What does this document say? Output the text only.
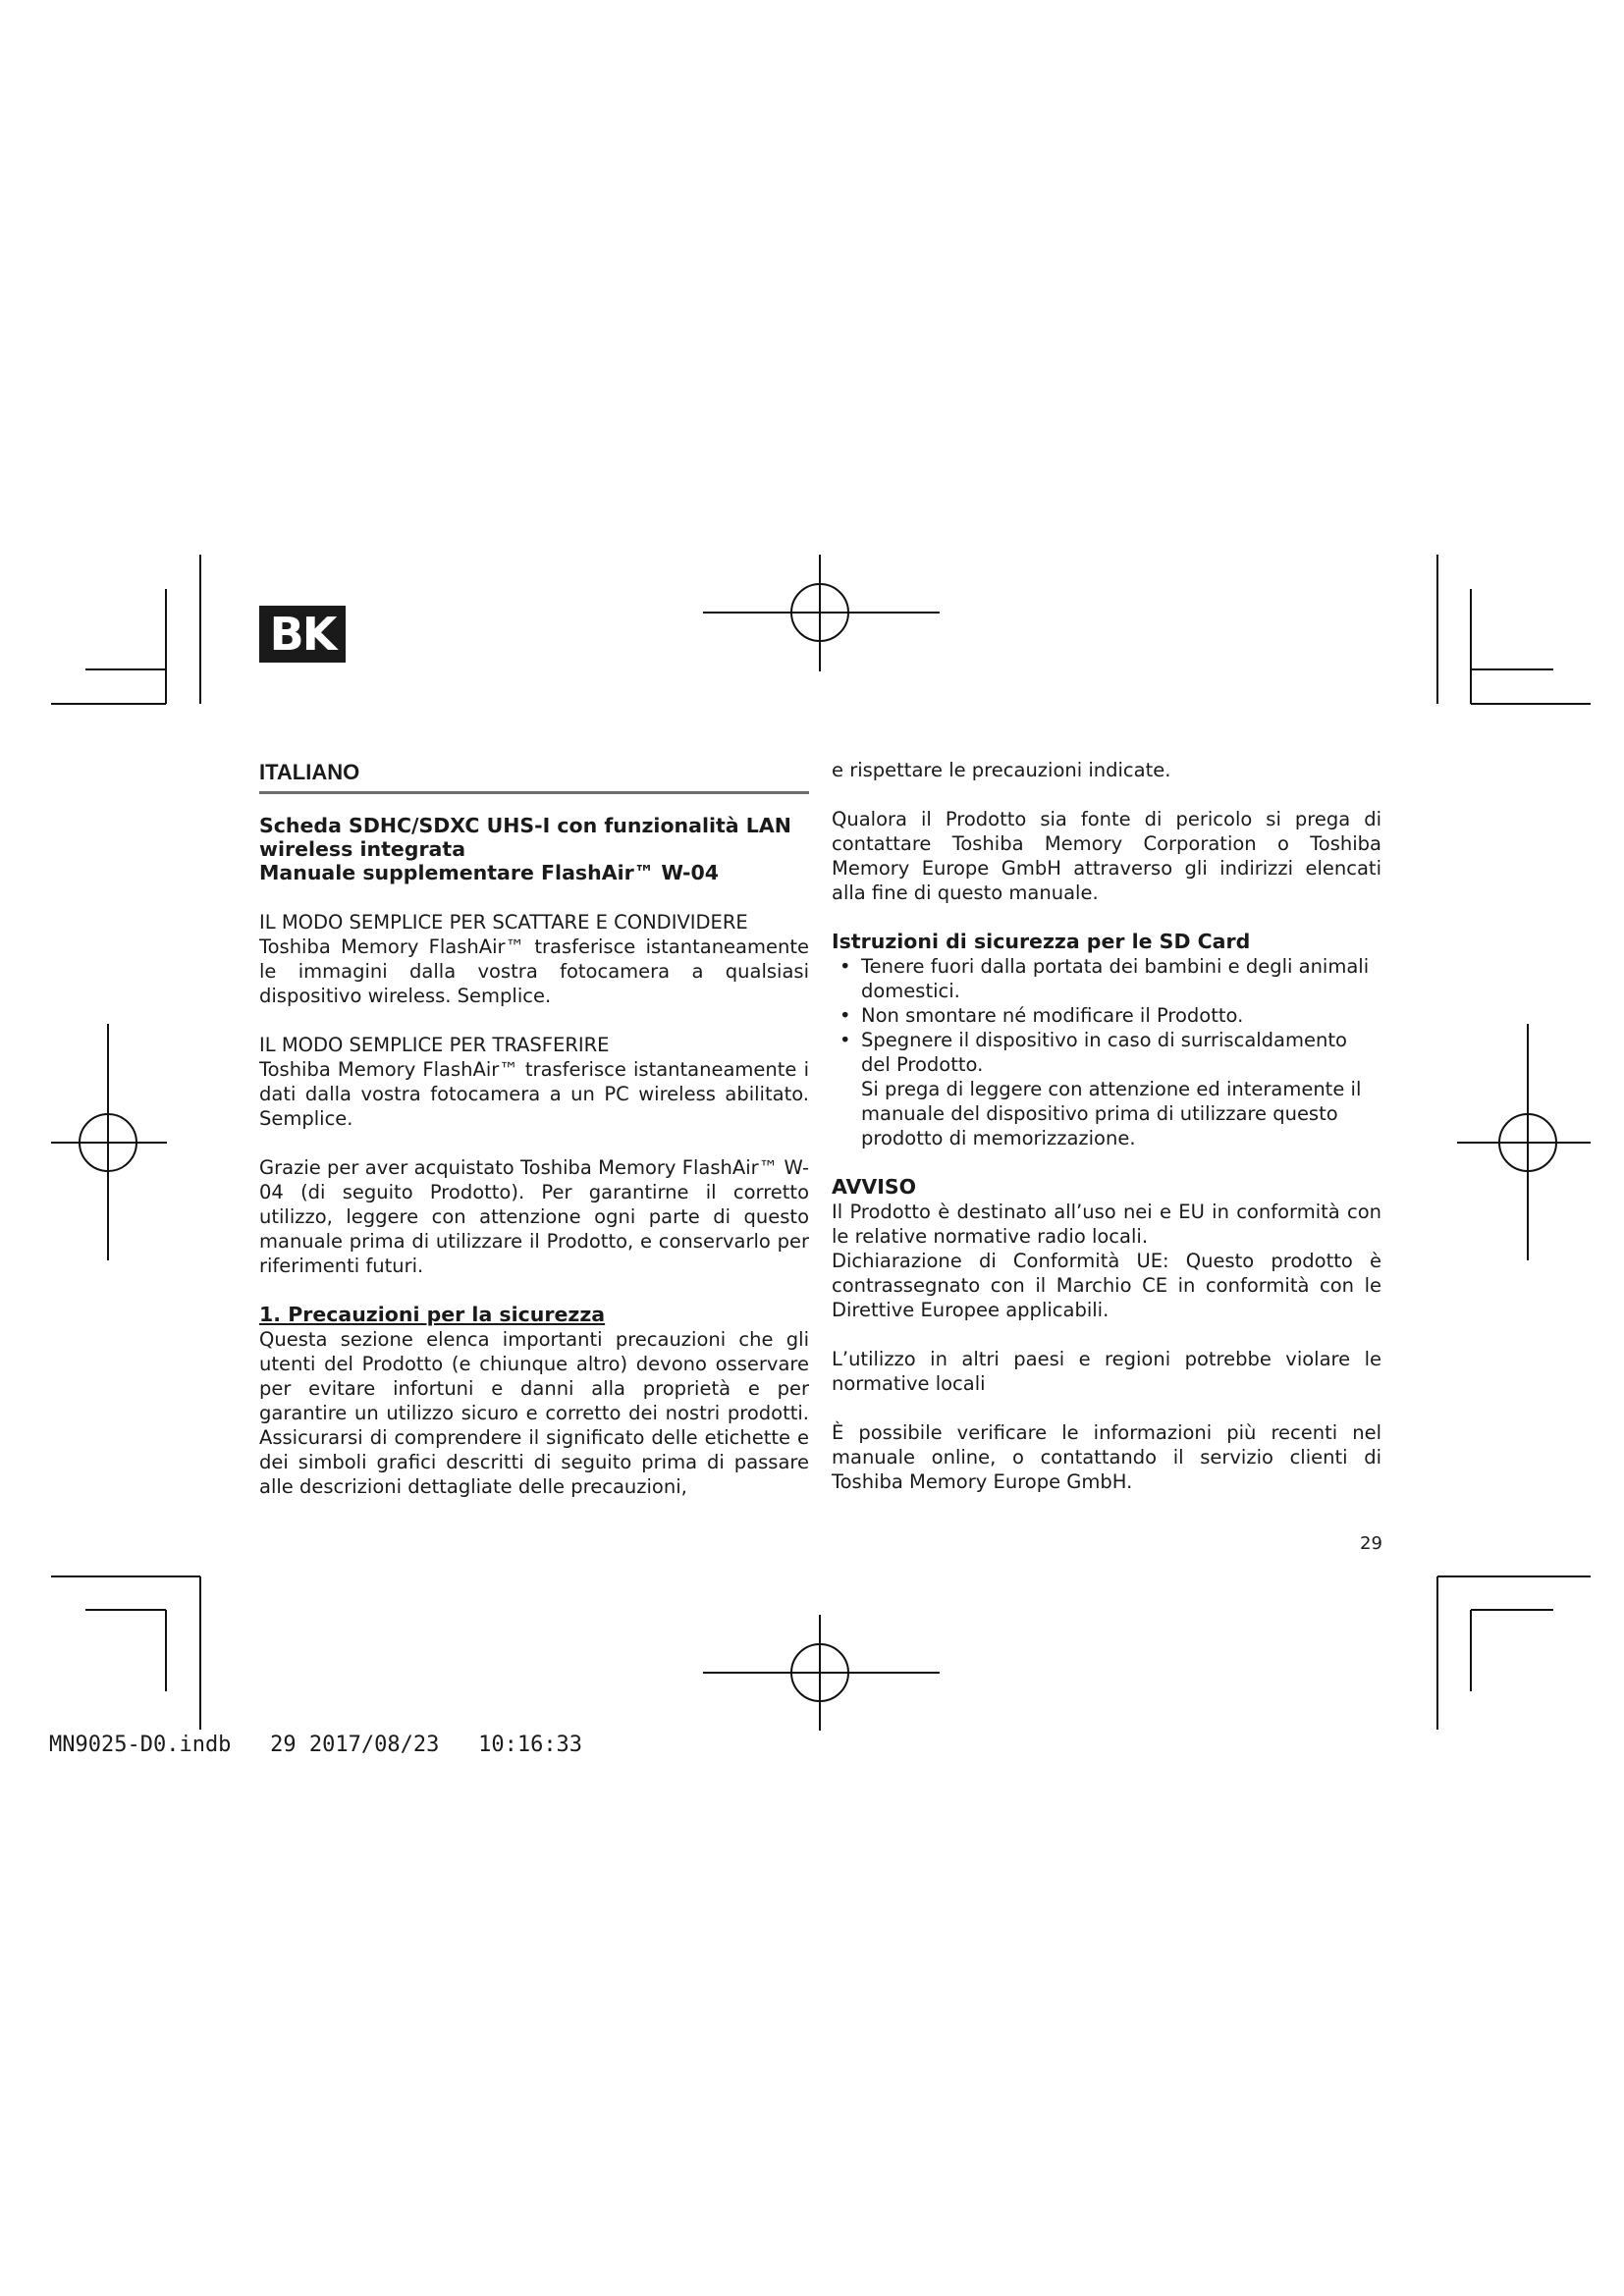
BK
ITALIANO
Scheda SDHC/SDXC UHS-I con funzionalità LAN
wireless integrata
Manuale supplementare FlashAir™ W-04
IL MODO SEMPLICE PER SCATTARE E CONDIVIDERE
Toshiba Memory FlashAir™ trasferisce istantaneamente le immagini dalla vostra fotocamera a qualsiasi dispositivo wireless. Semplice.
IL MODO SEMPLICE PER TRASFERIRE
Toshiba Memory FlashAir™ trasferisce istantaneamente i dati dalla vostra fotocamera a un PC wireless abilitato. Semplice.

Grazie per aver acquistato Toshiba Memory FlashAir™ W-04 (di seguito Prodotto). Per garantirne il corretto utilizzo, leggere con attenzione ogni parte di questo manuale prima di utilizzare il Prodotto, e conservarlo per riferimenti futuri.

1. Precauzioni per la sicurezza
Questa sezione elenca importanti precauzioni che gli utenti del Prodotto (e chiunque altro) devono osservare per evitare infortuni e danni alla proprietà e per garantire un utilizzo sicuro e corretto dei nostri prodotti. Assicurarsi di comprendere il significato delle etichette e dei simboli grafici descritti di seguito prima di passare alle descrizioni dettagliate delle precauzioni,

e rispettare le precauzioni indicate.

Qualora il Prodotto sia fonte di pericolo si prega di contattare Toshiba Memory Corporation o Toshiba Memory Europe GmbH attraverso gli indirizzi elencati alla fine di questo manuale.

Istruzioni di sicurezza per le SD Card
• Tenere fuori dalla portata dei bambini e degli animali domestici.
• Non smontare né modificare il Prodotto.
• Spegnere il dispositivo in caso di surriscaldamento del Prodotto.
Si prega di leggere con attenzione ed interamente il manuale del dispositivo prima di utilizzare questo prodotto di memorizzazione.
AVVISO
Il Prodotto è destinato all’uso nei e EU in conformità con le relative normative radio locali.
Dichiarazione di Conformità UE: Questo prodotto è contrassegnato con il Marchio CE in conformità con le Direttive Europee applicabili.

L’utilizzo in altri paesi e regioni potrebbe violare le normative locali

È possibile verificare le informazioni più recenti nel manuale online, o contattando il servizio clienti di Toshiba Memory Europe GmbH.

29
MN9025-D0.indb   29 2017/08/23   10:16:33
